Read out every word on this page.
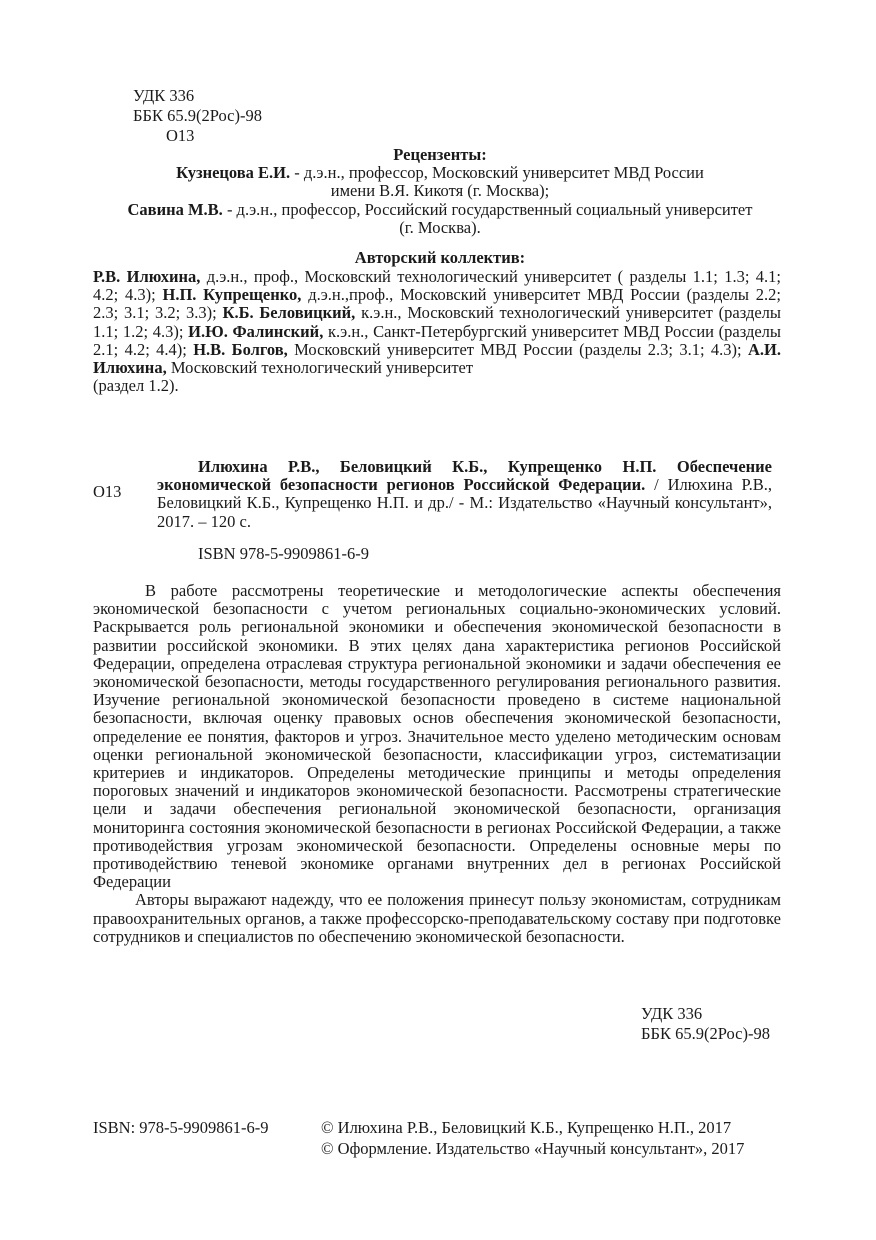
УДК 336
ББК 65.9(2Рос)-98
О13
Рецензенты:
Кузнецова Е.И. - д.э.н., профессор, Московский университет МВД России
имени В.Я. Кикотя (г. Москва);
Савина М.В. - д.э.н., профессор, Российский государственный социальный университет
(г. Москва).
Авторский коллектив:
Р.В. Илюхина, д.э.н., проф., Московский технологический университет ( разделы 1.1; 1.3; 4.1; 4.2; 4.3); Н.П. Купрещенко, д.э.н.,проф., Московский университет МВД России (разделы 2.2; 2.3; 3.1; 3.2; 3.3); К.Б. Беловицкий, к.э.н., Московский технологический университет (разделы 1.1; 1.2; 4.3); И.Ю. Фалинский, к.э.н., Санкт-Петербургский университет МВД России (разделы 2.1; 4.2; 4.4); Н.В. Болгов, Московский университет МВД России (разделы 2.3; 3.1; 4.3); А.И. Илюхина, Московский технологический университет
(раздел 1.2).
О13
Илюхина Р.В., Беловицкий К.Б., Купрещенко Н.П. Обеспечение экономической безопасности регионов Российской Федерации. / Илюхина Р.В., Беловицкий К.Б., Купрещенко Н.П. и др./ - М.: Издательство «Научный консультант», 2017. – 120 с.
ISBN 978-5-9909861-6-9

В работе рассмотрены теоретические и методологические аспекты обеспечения экономической безопасности с учетом региональных социально-экономических условий. Раскрывается роль региональной экономики и обеспечения экономической безопасности в развитии российской экономики. В этих целях дана характеристика регионов Российской Федерации, определена отраслевая структура региональной экономики и задачи обеспечения ее экономической безопасности, методы государственного регулирования регионального развития. Изучение региональной экономической безопасности проведено в системе национальной безопасности, включая оценку правовых основ обеспечения экономической безопасности, определение ее понятия, факторов и угроз. Значительное место уделено методическим основам оценки региональной экономической безопасности, классификации угроз, систематизации критериев и индикаторов. Определены методические принципы и методы определения пороговых значений и индикаторов экономической безопасности. Рассмотрены стратегические цели и задачи обеспечения региональной экономической безопасности, организация мониторинга состояния экономической безопасности в регионах Российской Федерации, а также противодействия угрозам экономической безопасности. Определены основные меры по противодействию теневой экономике органами внутренних дел в регионах Российской Федерации

Авторы выражают надежду, что ее положения принесут пользу экономистам, сотрудникам правоохранительных органов, а также профессорско-преподавательскому составу при подготовке сотрудников и специалистов по обеспечению экономической безопасности.

УДК 336
ББК 65.9(2Рос)-98
ISBN: 978-5-9909861-6-9	© Илюхина Р.В., Беловицкий К.Б., Купрещенко Н.П., 2017
© Оформление. Издательство «Научный консультант», 2017
